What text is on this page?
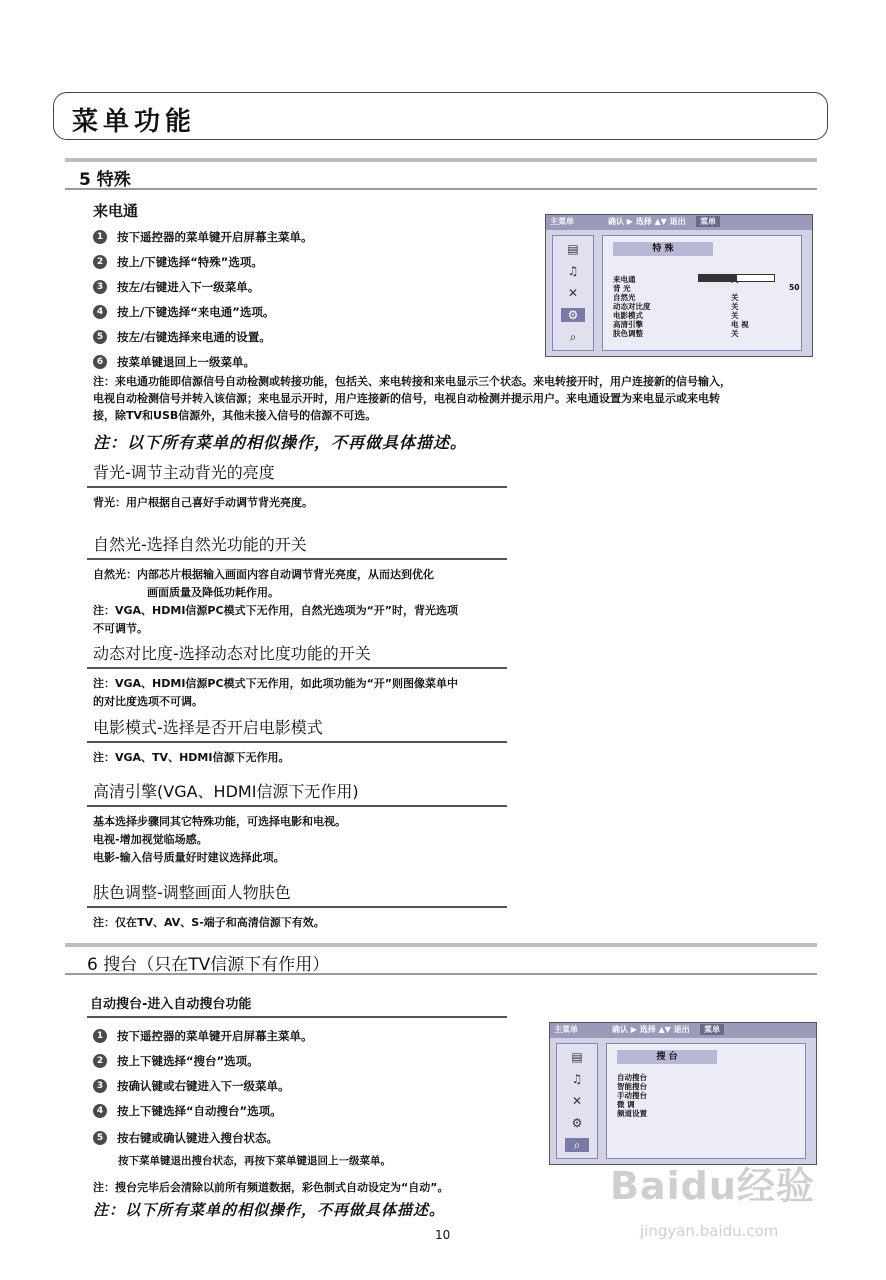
菜单功能
5 特殊
来电通
1	按下遥控器的菜单键开启屏幕主菜单。
2	按上/下键选择“特殊”选项。
3	按左/右键进入下一级菜单。
4	按上/下键选择“来电通”选项。
5	按左/右键选择来电通的设置。
6	按菜单键退回上一级菜单。
主菜单	确认 ▶ 选择 ▲▼ 退出	菜单
▤
♫
✕
⚙
⌕
特 殊
来电通
背 光	50
自然光	关
动态对比度	关
电影模式	关
高清引擎	电 视
肤色调整	关
注：来电通功能即信源信号自动检测或转接功能，包括关、来电转接和来电显示三个状态。来电转接开时，用户连接新的信号输入，
电视自动检测信号并转入该信源；来电显示开时，用户连接新的信号，电视自动检测并提示用户。来电通设置为来电显示或来电转
接，除TV和USB信源外，其他未接入信号的信源不可选。
注：以下所有菜单的相似操作，不再做具体描述。
背光-调节主动背光的亮度
背光：用户根据自己喜好手动调节背光亮度。
自然光-选择自然光功能的开关
自然光：内部芯片根据输入画面内容自动调节背光亮度，从而达到优化
画面质量及降低功耗作用。
注：VGA、HDMI信源PC模式下无作用，自然光选项为“开”时，背光选项
不可调节。
动态对比度-选择动态对比度功能的开关
注：VGA、HDMI信源PC模式下无作用，如此项功能为“开”则图像菜单中
的对比度选项不可调。
电影模式-选择是否开启电影模式
注：VGA、TV、HDMI信源下无作用。
高清引擎(VGA、HDMI信源下无作用)
基本选择步骤同其它特殊功能，可选择电影和电视。
电视-增加视觉临场感。
电影-输入信号质量好时建议选择此项。
肤色调整-调整画面人物肤色
注：仅在TV、AV、S-端子和高清信源下有效。
6 搜台（只在TV信源下有作用）
自动搜台-进入自动搜台功能
1	按下遥控器的菜单键开启屏幕主菜单。
2	按上下键选择“搜台”选项。
3	按确认键或右键进入下一级菜单。
4	按上下键选择“自动搜台”选项。
5	按右键或确认键进入搜台状态。
按下菜单键退出搜台状态，再按下菜单键退回上一级菜单。
注：搜台完毕后会清除以前所有频道数据，彩色制式自动设定为“自动”。
注：以下所有菜单的相似操作，不再做具体描述。
主菜单	确认 ▶ 选择 ▲▼ 退出	菜单
▤
♫
✕
⚙
⌕
搜 台
自动搜台
智能搜台
手动搜台
微 调
频道设置
10
Baidu经验
jingyan.baidu.com
